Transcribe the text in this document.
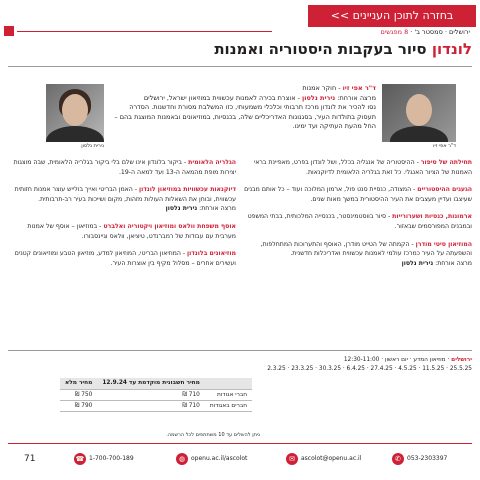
בחזרה לתוכן העניינים >>
ירושלים · סמסטר ב' · 8 מפגשים
לונדון סיור בעקבות היסטוריה ואמנות
ד"ר אפי זיו
נירית נלסון
ד"ר אפי זיו - חוקר אמנות
מרצה אורחת: נירית נלסון - אוצרת בכירה לאמנות עכשווית במוזיאון ישראל, ירושלים
נסו להכיר את לונדון מרכז תרבותי וכלכלי משמעותי, כזו המשלבת מסורת וחדשנות. הסדרה תעסוק בתולדות העיר, בסגנונות האדריכליים שלה, בכנסיות, במוזיאונים ובאמנות המוצגת בהם – החל מהעת העתיקה ועד ימינו.
תחילתה של סיפור - ההיסטוריה של אנגליה בכלל, ושל לונדון בפרט, מאפיינת בראי האמנות של הציור האנגלי. כל זאת בגלריה הלאומית לדיוקנאות.
הגעגים ההיסטוריים - המצודה, כנסיית סנט פול, ארמון המלוכה ועוד – כל אותם מבנים שעיצבו ועדיין מעצבים את העיר ההיסטורית במשך מאות שנים.
ארמונות, כנסיות ושערורייות - סיור בווסטמינסטר, בכנסייה המלכותית, בבתי המשפט ובמבנים המפורסמים שבאזור.
המוזיאון סיטי מודרן - הקמתה של הטייט מודרן, האוסף והתערוכות המתחלפות, והשפעתה על העיר כמרכז עולמי לאמנות עכשווית ואדריכלות חדשנית.
מרצה אורחת: נירית נלסון
הגלריה הלאומית - ביקור בלונדון אינו שלם בלי ביקור בגלריה הלאומית, שבה מוצגות יצירות מופת מהמאה ה-13 ועד למאה ה-19.
דיוקנאות עכשוויות במוזיאון לונדון - האמן הבריטי ואייך בולייש עוצר אמנות חזותית עכשווית, ובוחן את השאלות העולות מזהות, מקום ושייכות בעיר רב-תרבותית.
מרצה אורחת: נירית נלסון
אוסף משפחת וולאס ומוזיאון ויקטוריה ואלברט - במוזיאון – אוסף של אמנות מערבית עם עבודות של רמברנדט, טיציאן, וולאס וגיינסבורו.
מוזיאונים בלונדון - המוזיאון הבריטי, המוזיאון למדע, מוזיאון הטבע ומוזיאונים קטנים ועשירים אחרים – מסלול מקיף בין אוצרות העיר.
ירושלים · מוזיאון המדע · יום ראשון · 12:30-11:00
25.5.25 · 11.5.25 · 4.5.25 · 27.4.25 · 6.4.25 · 30.3.25 · 23.3.25 · 2.3.25
	מחיר חשבונית מוקדמת עד 12.9.24	מחיר מלא
חברי אגודות	710 ₪	750 ₪
חברים באגודות	710 ₪	790 ₪
ניתן להשלים עד 10 משתתפים לכל הרשמה.
71	☎ 1-700-700-189	◍ openu.ac.il/ascolot	✉	ascolot@openu.ac.il	✆	053-2303397
